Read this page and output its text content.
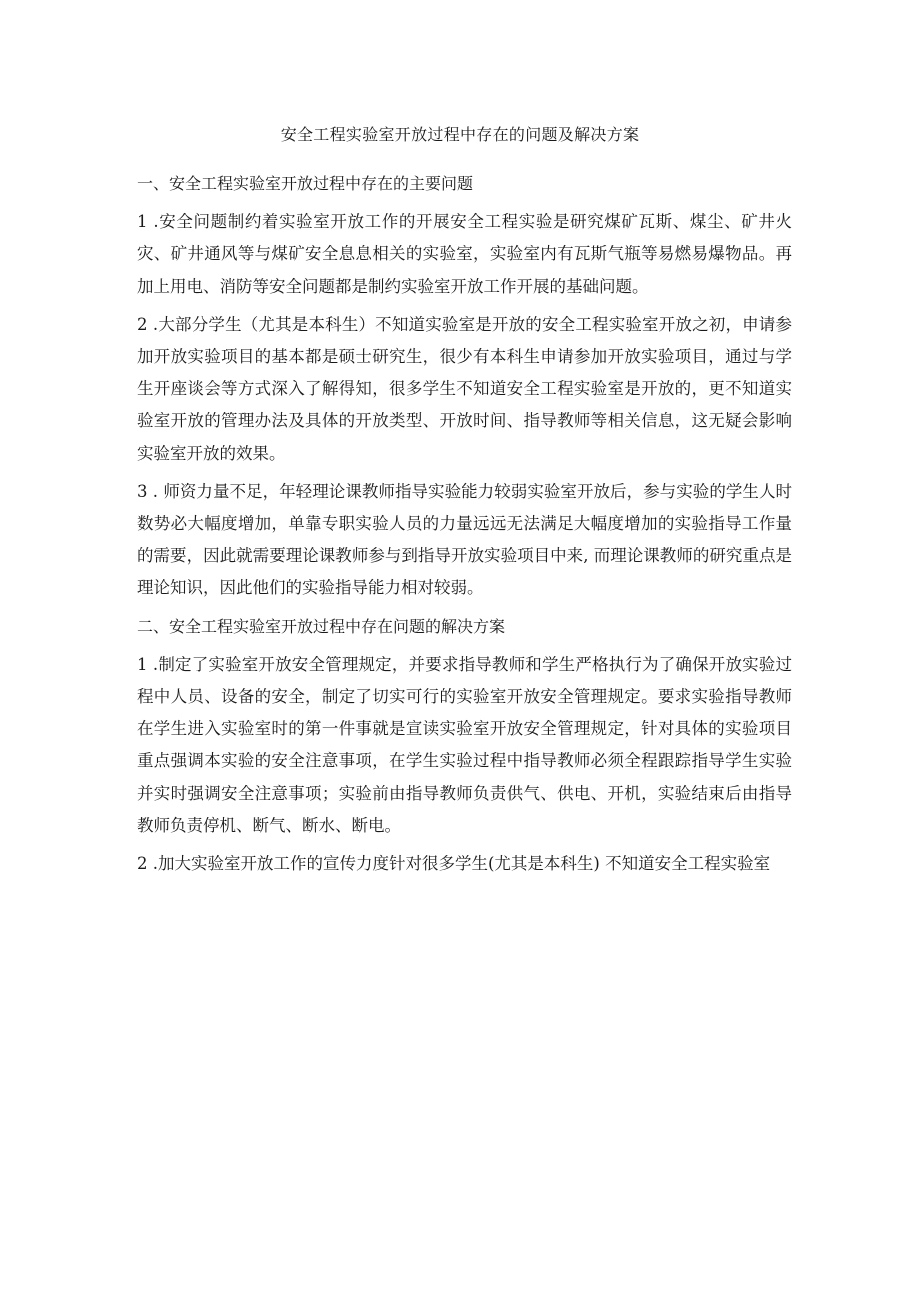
安全工程实验室开放过程中存在的问题及解决方案

一、安全工程实验室开放过程中存在的主要问题

1 .安全问题制约着实验室开放工作的开展安全工程实验是研究煤矿瓦斯、煤尘、矿井火灾、矿井通风等与煤矿安全息息相关的实验室，实验室内有瓦斯气瓶等易燃易爆物品。再加上用电、消防等安全问题都是制约实验室开放工作开展的基础问题。

2 .大部分学生（尤其是本科生）不知道实验室是开放的安全工程实验室开放之初，申请参加开放实验项目的基本都是硕士研究生，很少有本科生申请参加开放实验项目，通过与学生开座谈会等方式深入了解得知，很多学生不知道安全工程实验室是开放的，更不知道实验室开放的管理办法及具体的开放类型、开放时间、指导教师等相关信息，这无疑会影响实验室开放的效果。

3 . 师资力量不足，年轻理论课教师指导实验能力较弱实验室开放后，参与实验的学生人时数势必大幅度增加，单靠专职实验人员的力量远远无法满足大幅度增加的实验指导工作量的需要，因此就需要理论课教师参与到指导开放实验项目中来, 而理论课教师的研究重点是理论知识，因此他们的实验指导能力相对较弱。

二、安全工程实验室开放过程中存在问题的解决方案

1 .制定了实验室开放安全管理规定，并要求指导教师和学生严格执行为了确保开放实验过程中人员、设备的安全，制定了切实可行的实验室开放安全管理规定。要求实验指导教师在学生进入实验室时的第一件事就是宣读实验室开放安全管理规定，针对具体的实验项目重点强调本实验的安全注意事项，在学生实验过程中指导教师必须全程跟踪指导学生实验并实时强调安全注意事项；实验前由指导教师负责供气、供电、开机，实验结束后由指导教师负责停机、断气、断水、断电。

2 .加大实验室开放工作的宣传力度针对很多学生(尤其是本科生) 不知道安全工程实验室
